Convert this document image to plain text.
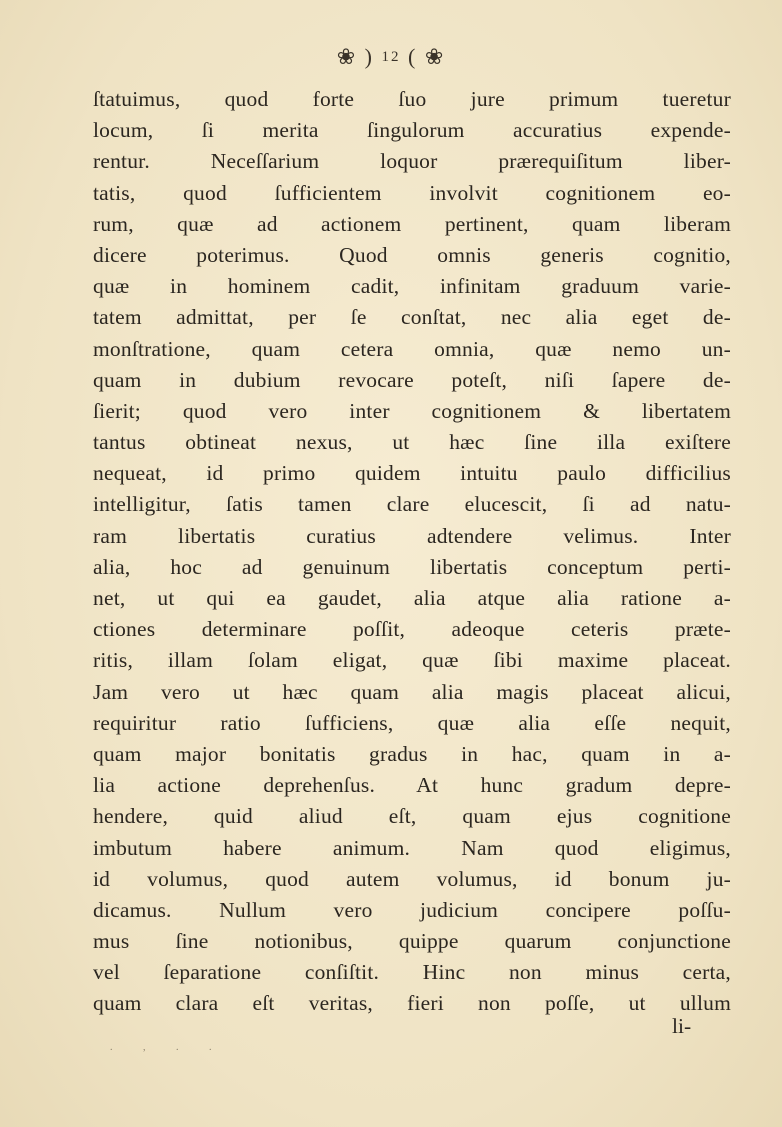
❀ ) 12 ( ❀
ſtatuimus, quod forte ſuo jure primum tueretur
locum, ſi merita ſingulorum accuratius expende-
rentur. Neceſſarium loquor prærequiſitum liber-
tatis, quod ſufficientem involvit cognitionem eo-
rum, quæ ad actionem pertinent, quam liberam
dicere poterimus. Quod omnis generis cognitio,
quæ in hominem cadit, infinitam graduum varie-
tatem admittat, per ſe conſtat, nec alia eget de-
monſtratione, quam cetera omnia, quæ nemo un-
quam in dubium revocare poteſt, niſi ſapere de-
ſierit; quod vero inter cognitionem & libertatem
tantus obtineat nexus, ut hæc ſine illa exiſtere
nequeat, id primo quidem intuitu paulo difficilius
intelligitur, ſatis tamen clare elucescit, ſi ad natu-
ram libertatis curatius adtendere velimus. Inter
alia, hoc ad genuinum libertatis conceptum perti-
net, ut qui ea gaudet, alia atque alia ratione a-
ctiones determinare poſſit, adeoque ceteris præte-
ritis, illam ſolam eligat, quæ ſibi maxime placeat.
Jam vero ut hæc quam alia magis placeat alicui,
requiritur ratio ſufficiens, quæ alia eſſe nequit,
quam major bonitatis gradus in hac, quam in a-
lia actione deprehenſus. At hunc gradum depre-
hendere, quid aliud eſt, quam ejus cognitione
imbutum habere animum. Nam quod eligimus,
id volumus, quod autem volumus, id bonum ju-
dicamus. Nullum vero judicium concipere poſſu-
mus ſine notionibus, quippe quarum conjunctione
vel ſeparatione conſiſtit. Hinc non minus certa,
quam clara eſt veritas, fieri non poſſe, ut ullum
li-
. , . .
